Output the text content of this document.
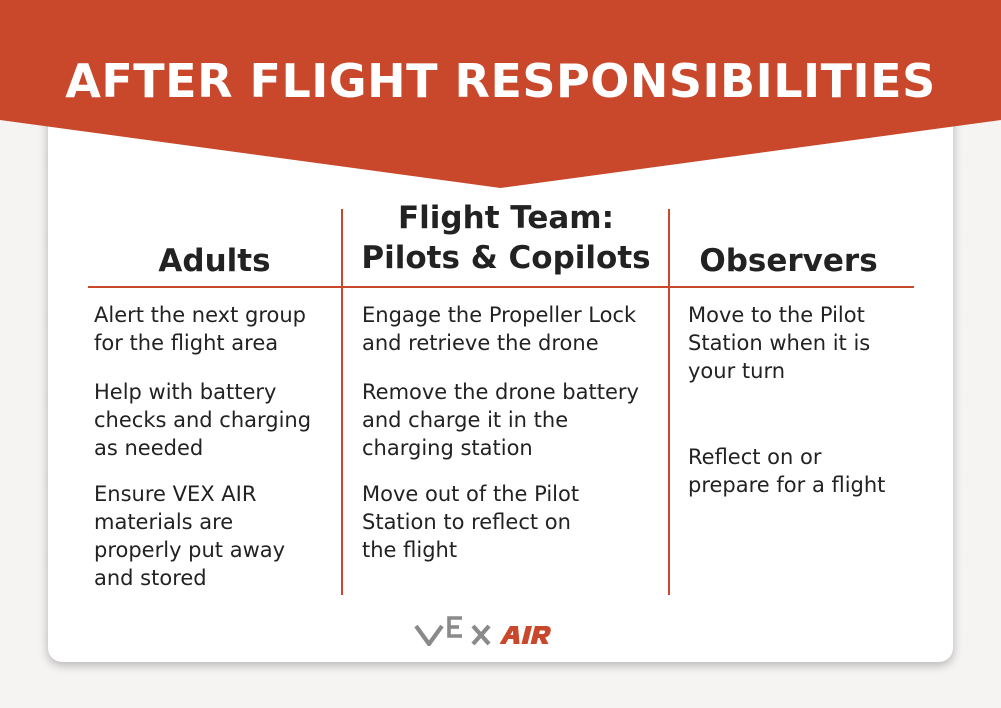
AFTER FLIGHT RESPONSIBILITIES
Adults
Flight Team:
Pilots & Copilots	Observers
Alert the next group
for the flight area
Help with battery
checks and charging
as needed
Ensure VEX AIR
materials are
properly put away
and stored
Engage the Propeller Lock
and retrieve the drone
Remove the drone battery
and charge it in the
charging station
Move out of the Pilot
Station to reflect on
the flight
Move to the Pilot
Station when it is
your turn
Reflect on or
prepare for a flight
